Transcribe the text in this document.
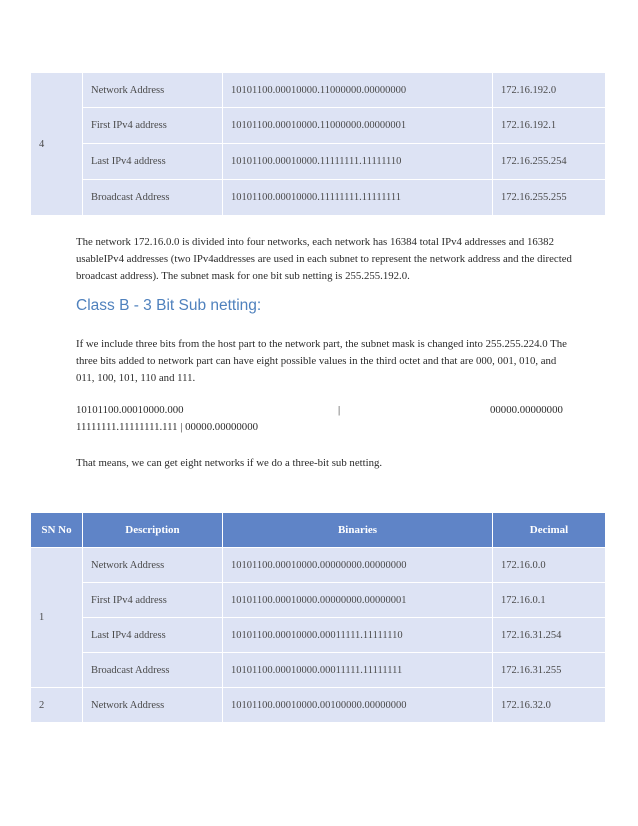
4	Network Address	10101100.00010000.11000000.00000000	172.16.192.0
	First IPv4 address	10101100.00010000.11000000.00000001	172.16.192.1
	Last IPv4 address	10101100.00010000.11111111.11111110	172.16.255.254
	Broadcast Address	10101100.00010000.11111111.11111111	172.16.255.255

The network 172.16.0.0 is divided into four networks, each network has 16384 total IPv4 addresses and 16382 usableIPv4 addresses (two IPv4addresses are used in each subnet to represent the network address and the directed broadcast address). The subnet mask for one bit sub netting is 255.255.192.0.

Class B - 3 Bit Sub netting:

If we include three bits from the host part to the network part, the subnet mask is changed into 255.255.224.0 The three bits added to network part can have eight possible values in the third octet and that are 000, 001, 010, and 011, 100, 101, 110 and 111.

10101100.00010000.000	|	00000.00000000

11111111.11111111.111 | 00000.00000000

That means, we can get eight networks if we do a three-bit sub netting.

SN No	Description	Binaries	Decimal
1	Network Address	10101100.00010000.00000000.00000000	172.16.0.0
	First IPv4 address	10101100.00010000.00000000.00000001	172.16.0.1
	Last IPv4 address	10101100.00010000.00011111.11111110	172.16.31.254
	Broadcast Address	10101100.00010000.00011111.11111111	172.16.31.255
2	Network Address	10101100.00010000.00100000.00000000	172.16.32.0
